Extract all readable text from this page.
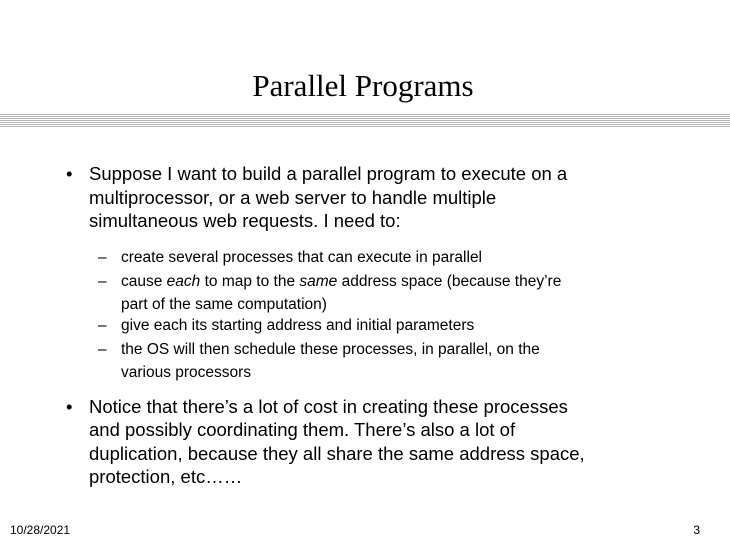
Parallel Programs
• Suppose I want to build a parallel program to execute on a
multiprocessor, or a web server to handle multiple
simultaneous web requests. I need to:
– create several processes that can execute in parallel
– cause each to map to the same address space (because they’re
part of the same computation)
– give each its starting address and initial parameters
– the OS will then schedule these processes, in parallel, on the
various processors
• Notice that there’s a lot of cost in creating these processes
and possibly coordinating them. There’s also a lot of
duplication, because they all share the same address space,
protection, etc……
10/28/2021	3
